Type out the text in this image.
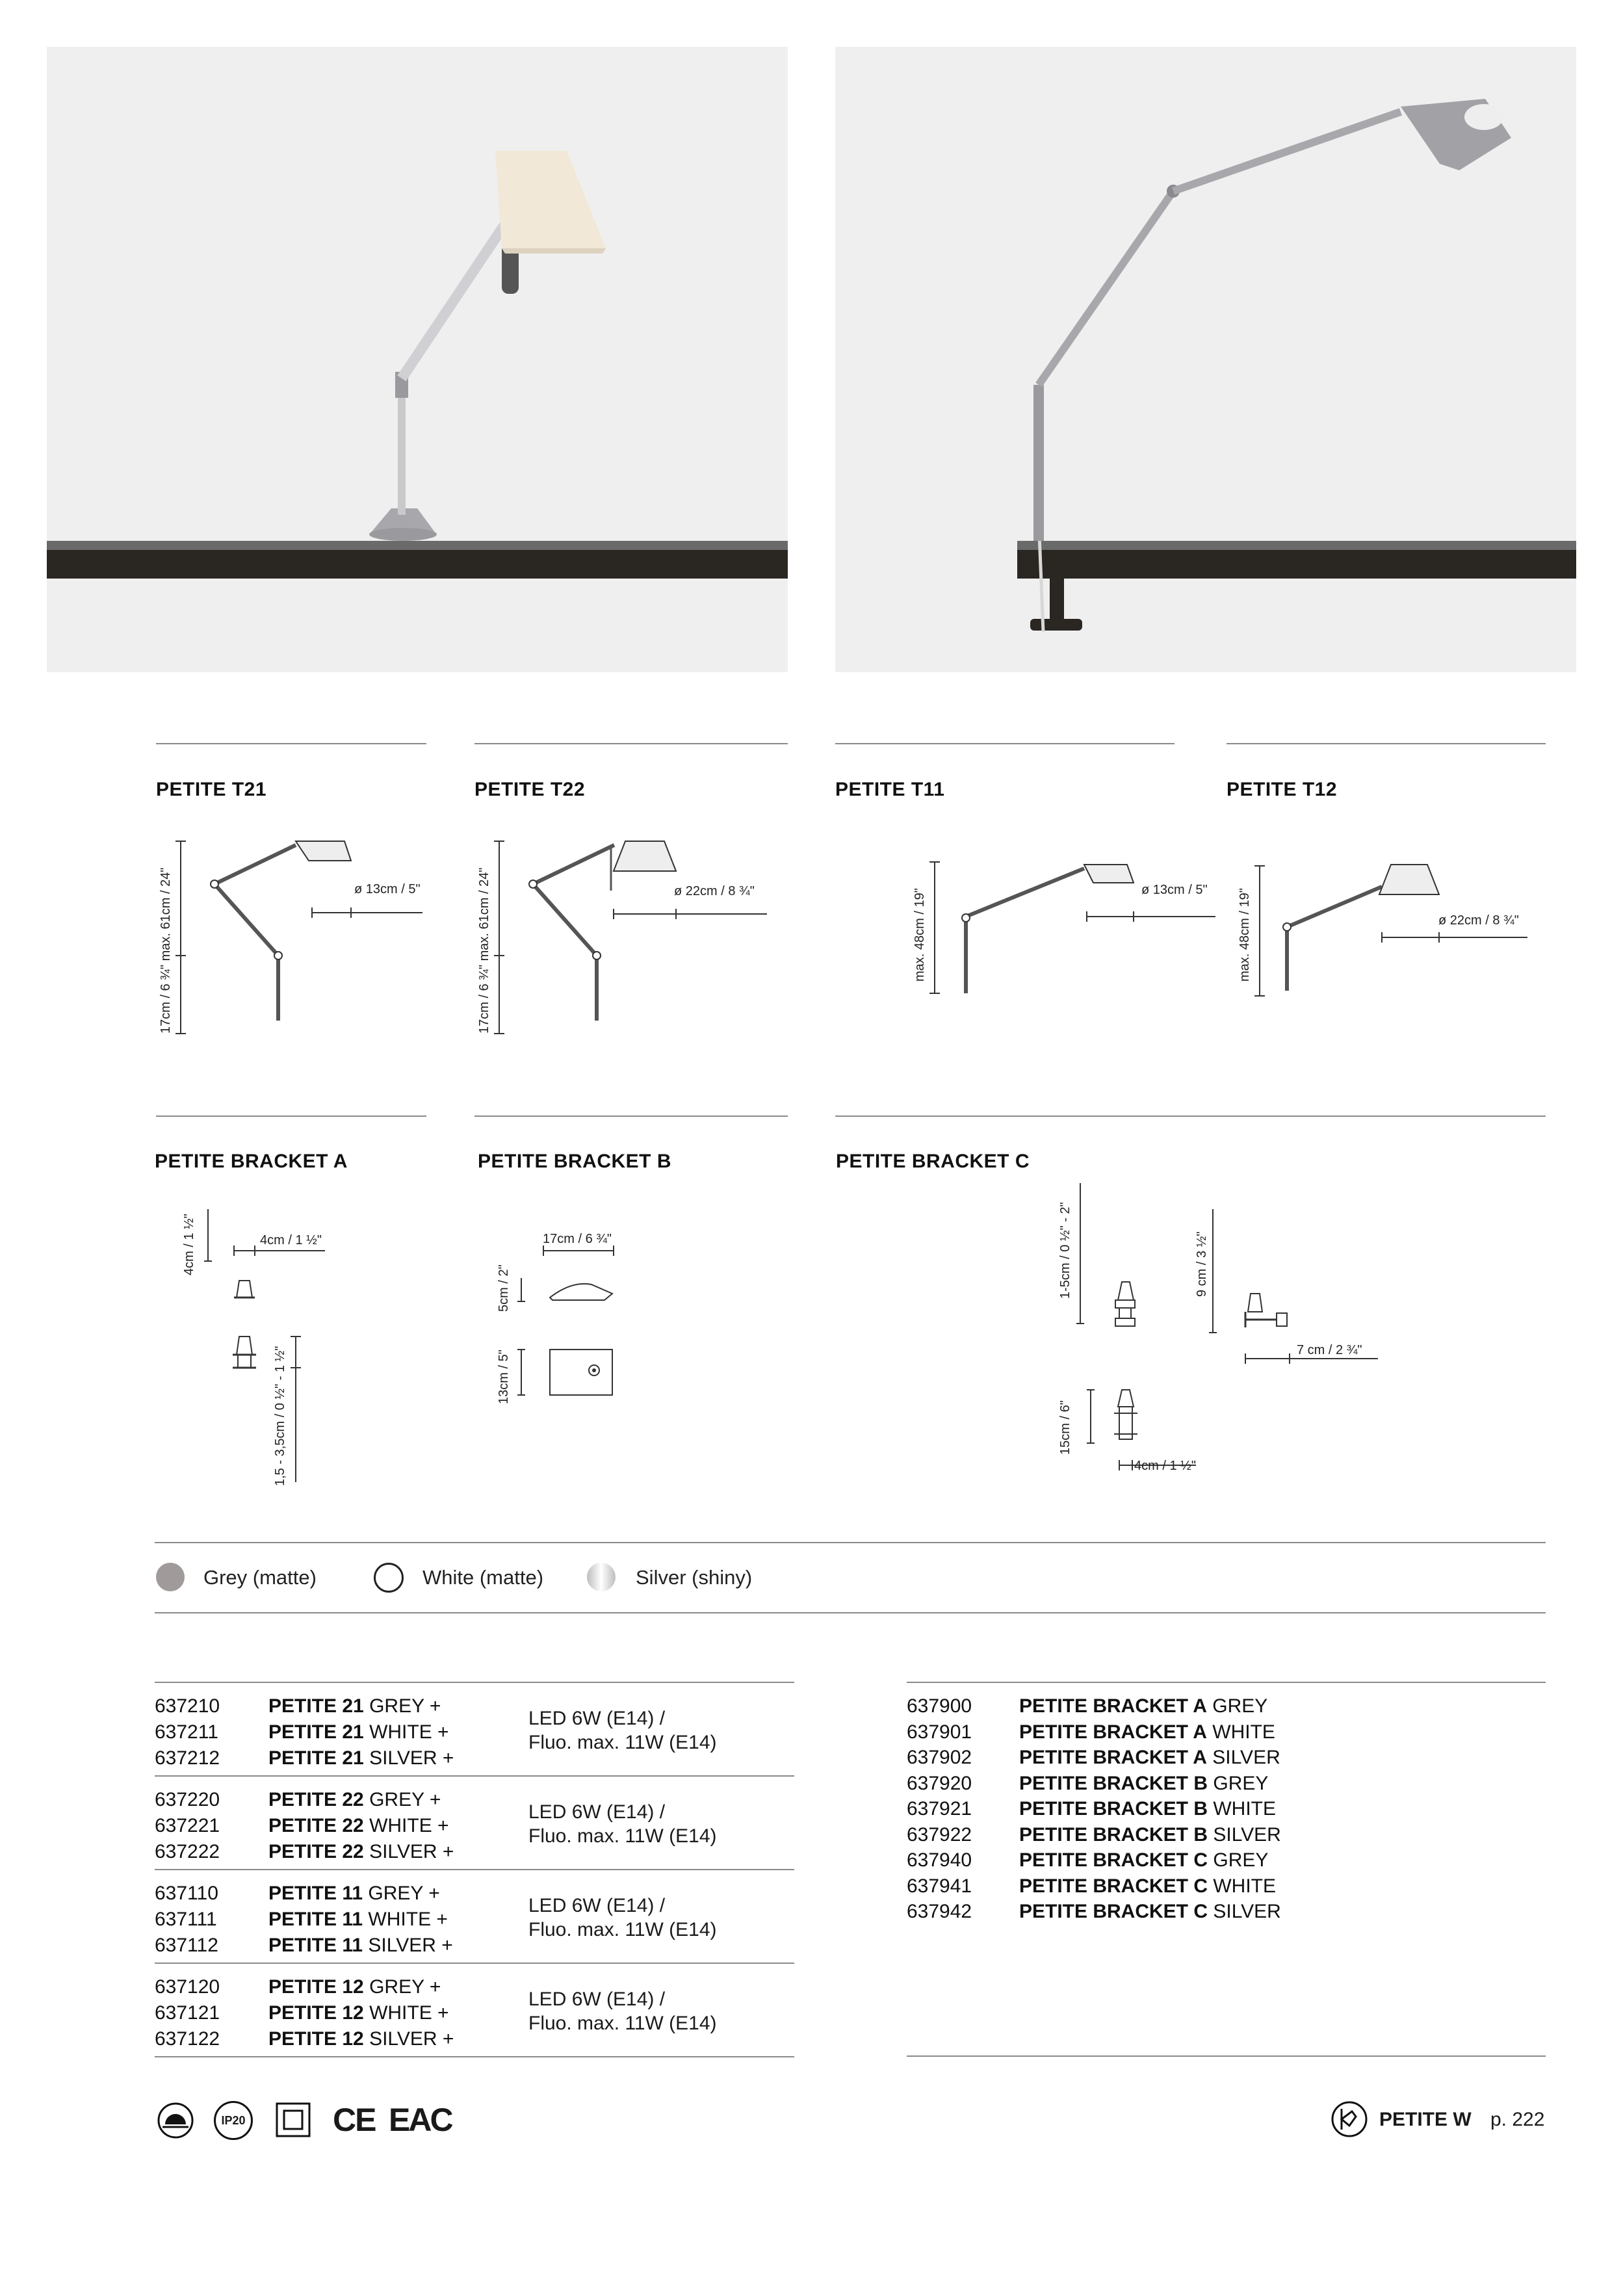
PETITE T21	PETITE T22	PETITE T11	PETITE T12
ø 13cm / 5"
17cm / 6 ¾" max. 61cm / 24"	ø 22cm / 8 ¾"
17cm / 6 ¾" max. 61cm / 24"	ø 13cm / 5"
max. 48cm / 19"	ø 22cm / 8 ¾"
max. 48cm / 19"
PETITE BRACKET A	PETITE BRACKET B	PETITE BRACKET C
4cm / 1 ½"	4cm / 1 ½"
1,5 - 3,5cm / 0 ½" - 1 ½"
17cm / 6 ¾"
5cm / 2"
13cm / 5"
1-5cm / 0 ½" - 2"	9 cm / 3 ½"
7 cm / 2 ¾"
15cm / 6"
4cm / 1 ½"
Grey (matte)	White (matte)	Silver (shiny)
637210 PETITE 21 GREY +
637211	PETITE 21 WHITE +
637212 PETITE 21 SILVER +
LED 6W (E14) /
Fluo. max. 11W (E14)
637220 PETITE 22 GREY +
637221 PETITE 22 WHITE +
637222 PETITE 22 SILVER +
LED 6W (E14) /
Fluo. max. 11W (E14)
637110	PETITE 11 GREY +
637111	PETITE 11 WHITE +
637112	PETITE 11 SILVER +
LED 6W (E14) /
Fluo. max. 11W (E14)
637120 PETITE 12 GREY +
637121 PETITE 12 WHITE +
637122 PETITE 12 SILVER +
LED 6W (E14) /
Fluo. max. 11W (E14)
637900 PETITE BRACKET A GREY
637901 PETITE BRACKET A WHITE
637902 PETITE BRACKET A SILVER
637920 PETITE BRACKET B GREY
637921 PETITE BRACKET B WHITE
637922 PETITE BRACKET B SILVER
637940 PETITE BRACKET C GREY
637941 PETITE BRACKET C WHITE
637942 PETITE BRACKET C SILVER
IP20	CE EAC	PETITE W p. 222
